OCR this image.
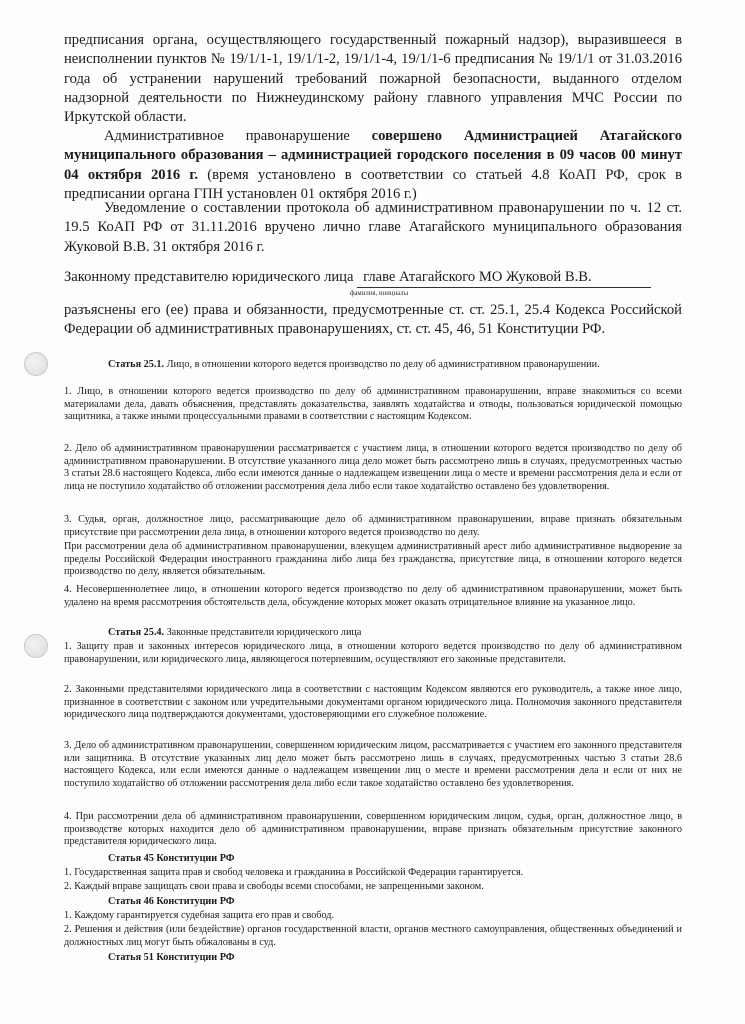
предписания органа, осуществляющего государственный пожарный надзор), выразившееся в неисполнении пунктов № 19/1/1-1, 19/1/1-2, 19/1/1-4, 19/1/1-6 предписания № 19/1/1 от 31.03.2016 года об устранении нарушений требований пожарной безопасности, выданного отделом надзорной деятельности по Нижнеудинскому району главного управления МЧС России по Иркутской области.

Административное правонарушение совершено Администрацией Атагайского муниципального образования – администрацией городского поселения в 09 часов 00 минут 04 октября 2016 г. (время установлено в соответствии со статьей 4.8 КоАП РФ, срок в предписании органа ГПН установлен 01 октября 2016 г.)

Уведомление о составлении протокола об административном правонарушении по ч. 12 ст. 19.5 КоАП РФ от 31.11.2016 вручено лично главе Атагайского муниципального образования Жуковой В.В. 31 октября 2016 г.

Законному представителю юридического лица главе Атагайского МО Жуковой В.В.
фамилия, инициалы

разъяснены его (ее) права и обязанности, предусмотренные ст. ст. 25.1, 25.4 Кодекса Российской Федерации об административных правонарушениях, ст. ст. 45, 46, 51 Конституции РФ.

Статья 25.1. Лицо, в отношении которого ведется производство по делу об административном правонарушении.

1. Лицо, в отношении которого ведется производство по делу об административном правонарушении, вправе знакомиться со всеми материалами дела, давать объяснения, представлять доказательства, заявлять ходатайства и отводы, пользоваться юридической помощью защитника, а также иными процессуальными правами в соответствии с настоящим Кодексом.

2. Дело об административном правонарушении рассматривается с участием лица, в отношении которого ведется производство по делу об административном правонарушении. В отсутствие указанного лица дело может быть рассмотрено лишь в случаях, предусмотренных частью 3 статьи 28.6 настоящего Кодекса, либо если имеются данные о надлежащем извещении лица о месте и времени рассмотрения дела и если от лица не поступило ходатайство об отложении рассмотрения дела либо если такое ходатайство оставлено без удовлетворения.

3. Судья, орган, должностное лицо, рассматривающие дело об административном правонарушении, вправе признать обязательным присутствие при рассмотрении дела лица, в отношении которого ведется производство по делу.

При рассмотрении дела об административном правонарушении, влекущем административный арест либо административное выдворение за пределы Российской Федерации иностранного гражданина либо лица без гражданства, присутствие лица, в отношении которого ведется производство по делу, является обязательным.

4. Несовершеннолетнее лицо, в отношении которого ведется производство по делу об административном правонарушении, может быть удалено на время рассмотрения обстоятельств дела, обсуждение которых может оказать отрицательное влияние на указанное лицо.

Статья 25.4. Законные представители юридического лица

1. Защиту прав и законных интересов юридического лица, в отношении которого ведется производство по делу об административном правонарушении, или юридического лица, являющегося потерпевшим, осуществляют его законные представители.

2. Законными представителями юридического лица в соответствии с настоящим Кодексом являются его руководитель, а также иное лицо, признанное в соответствии с законом или учредительными документами органом юридического лица. Полномочия законного представителя юридического лица подтверждаются документами, удостоверяющими его служебное положение.

3. Дело об административном правонарушении, совершенном юридическим лицом, рассматривается с участием его законного представителя или защитника. В отсутствие указанных лиц дело может быть рассмотрено лишь в случаях, предусмотренных частью 3 статьи 28.6 настоящего Кодекса, или если имеются данные о надлежащем извещении лиц о месте и времени рассмотрения дела и если от них не поступило ходатайство об отложении рассмотрения дела либо если такое ходатайство оставлено без удовлетворения.

4. При рассмотрении дела об административном правонарушении, совершенном юридическим лицом, судья, орган, должностное лицо, в производстве которых находится дело об административном правонарушении, вправе признать обязательным присутствие законного представителя юридического лица.

Статья 45 Конституции РФ

1. Государственная защита прав и свобод человека и гражданина в Российской Федерации гарантируется.

2. Каждый вправе защищать свои права и свободы всеми способами, не запрещенными законом.

Статья 46 Конституции РФ

1. Каждому гарантируется судебная защита его прав и свобод.

2. Решения и действия (или бездействие) органов государственной власти, органов местного самоуправления, общественных объединений и должностных лиц могут быть обжалованы в суд.

Статья 51 Конституции РФ
